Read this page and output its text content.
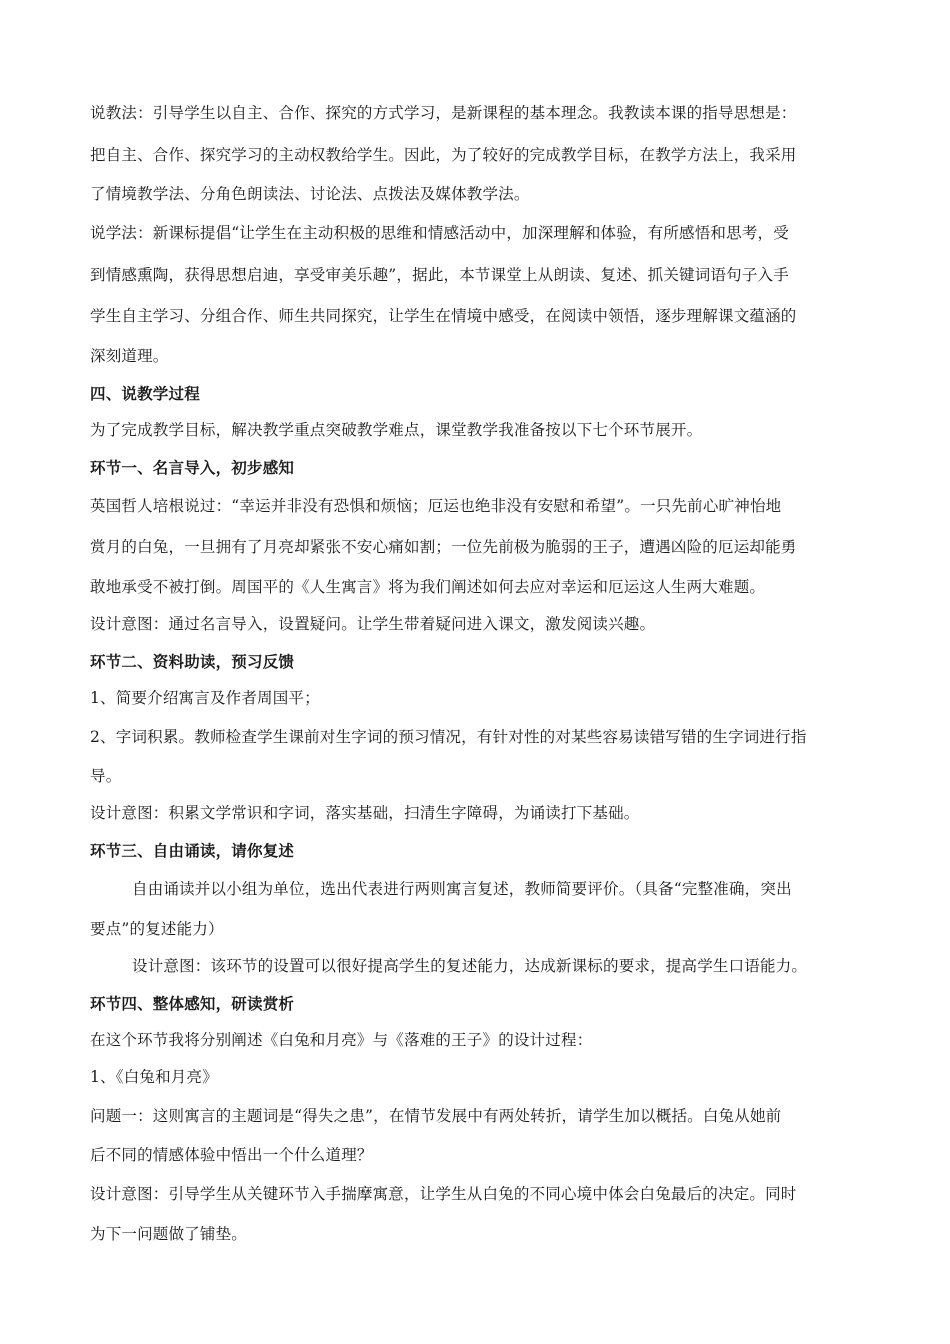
说教法：引导学生以自主、合作、探究的方式学习，是新课程的基本理念。我教读本课的指导思想是：
把自主、合作、探究学习的主动权教给学生。因此，为了较好的完成教学目标，在教学方法上，我采用
了情境教学法、分角色朗读法、讨论法、点拨法及媒体教学法。
说学法：新课标提倡“让学生在主动积极的思维和情感活动中，加深理解和体验，有所感悟和思考，受
到情感熏陶，获得思想启迪，享受审美乐趣”，据此，本节课堂上从朗读、复述、抓关键词语句子入手
学生自主学习、分组合作、师生共同探究，让学生在情境中感受，在阅读中领悟，逐步理解课文蕴涵的
深刻道理。
四、说教学过程
为了完成教学目标，解决教学重点突破教学难点，课堂教学我准备按以下七个环节展开。
环节一、名言导入，初步感知
英国哲人培根说过：“幸运并非没有恐惧和烦恼；厄运也绝非没有安慰和希望”。一只先前心旷神怡地
赏月的白兔，一旦拥有了月亮却紧张不安心痛如割；一位先前极为脆弱的王子，遭遇凶险的厄运却能勇
敢地承受不被打倒。周国平的《人生寓言》将为我们阐述如何去应对幸运和厄运这人生两大难题。
设计意图：通过名言导入，设置疑问。让学生带着疑问进入课文，激发阅读兴趣。
环节二、资料助读，预习反馈
1、简要介绍寓言及作者周国平；
2、字词积累。教师检查学生课前对生字词的预习情况，有针对性的对某些容易读错写错的生字词进行指
导。
设计意图：积累文学常识和字词，落实基础，扫清生字障碍，为诵读打下基础。
环节三、自由诵读，请你复述
自由诵读并以小组为单位，选出代表进行两则寓言复述，教师简要评价。（具备“完整准确，突出
要点”的复述能力）
设计意图：该环节的设置可以很好提高学生的复述能力，达成新课标的要求，提高学生口语能力。
环节四、整体感知，研读赏析
在这个环节我将分别阐述《白兔和月亮》与《落难的王子》的设计过程：
1、《白兔和月亮》
问题一：这则寓言的主题词是“得失之患”，在情节发展中有两处转折，请学生加以概括。白兔从她前
后不同的情感体验中悟出一个什么道理？
设计意图：引导学生从关键环节入手揣摩寓意，让学生从白兔的不同心境中体会白兔最后的决定。同时
为下一问题做了铺垫。
